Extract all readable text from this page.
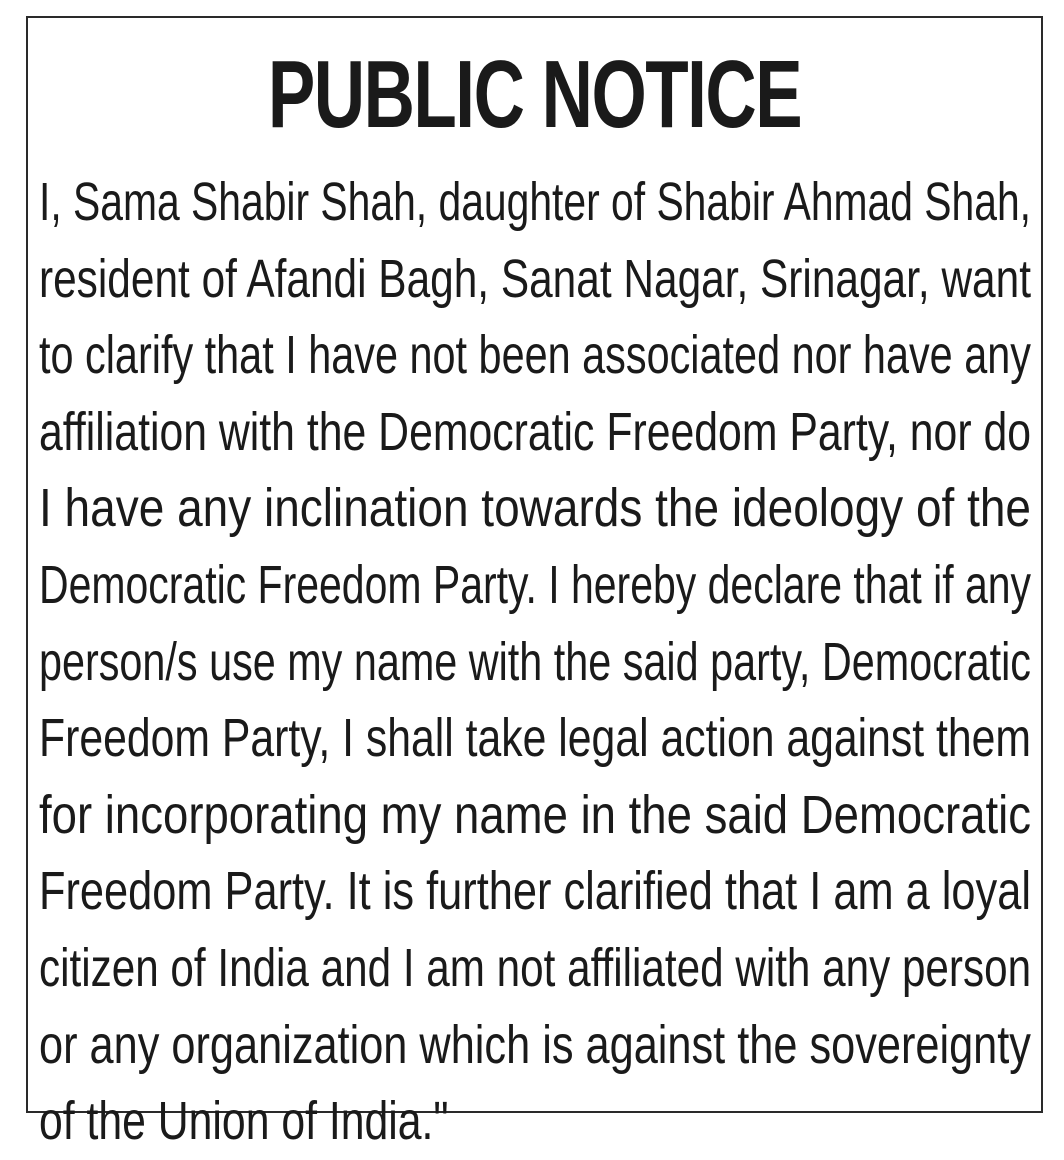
PUBLIC NOTICE
I, Sama Shabir Shah, daughter of Shabir Ahmad Shah,
resident of Afandi Bagh, Sanat Nagar, Srinagar, want
to clarify that I have not been associated nor have any
affiliation with the Democratic Freedom Party, nor do
I have any inclination towards the ideology of the
Democratic Freedom Party. I hereby declare that if any
person/s use my name with the said party, Democratic
Freedom Party, I shall take legal action against them
for incorporating my name in the said Democratic
Freedom Party. It is further clarified that I am a loyal
citizen of India and I am not affiliated with any person
or any organization which is against the sovereignty
of the Union of India."
